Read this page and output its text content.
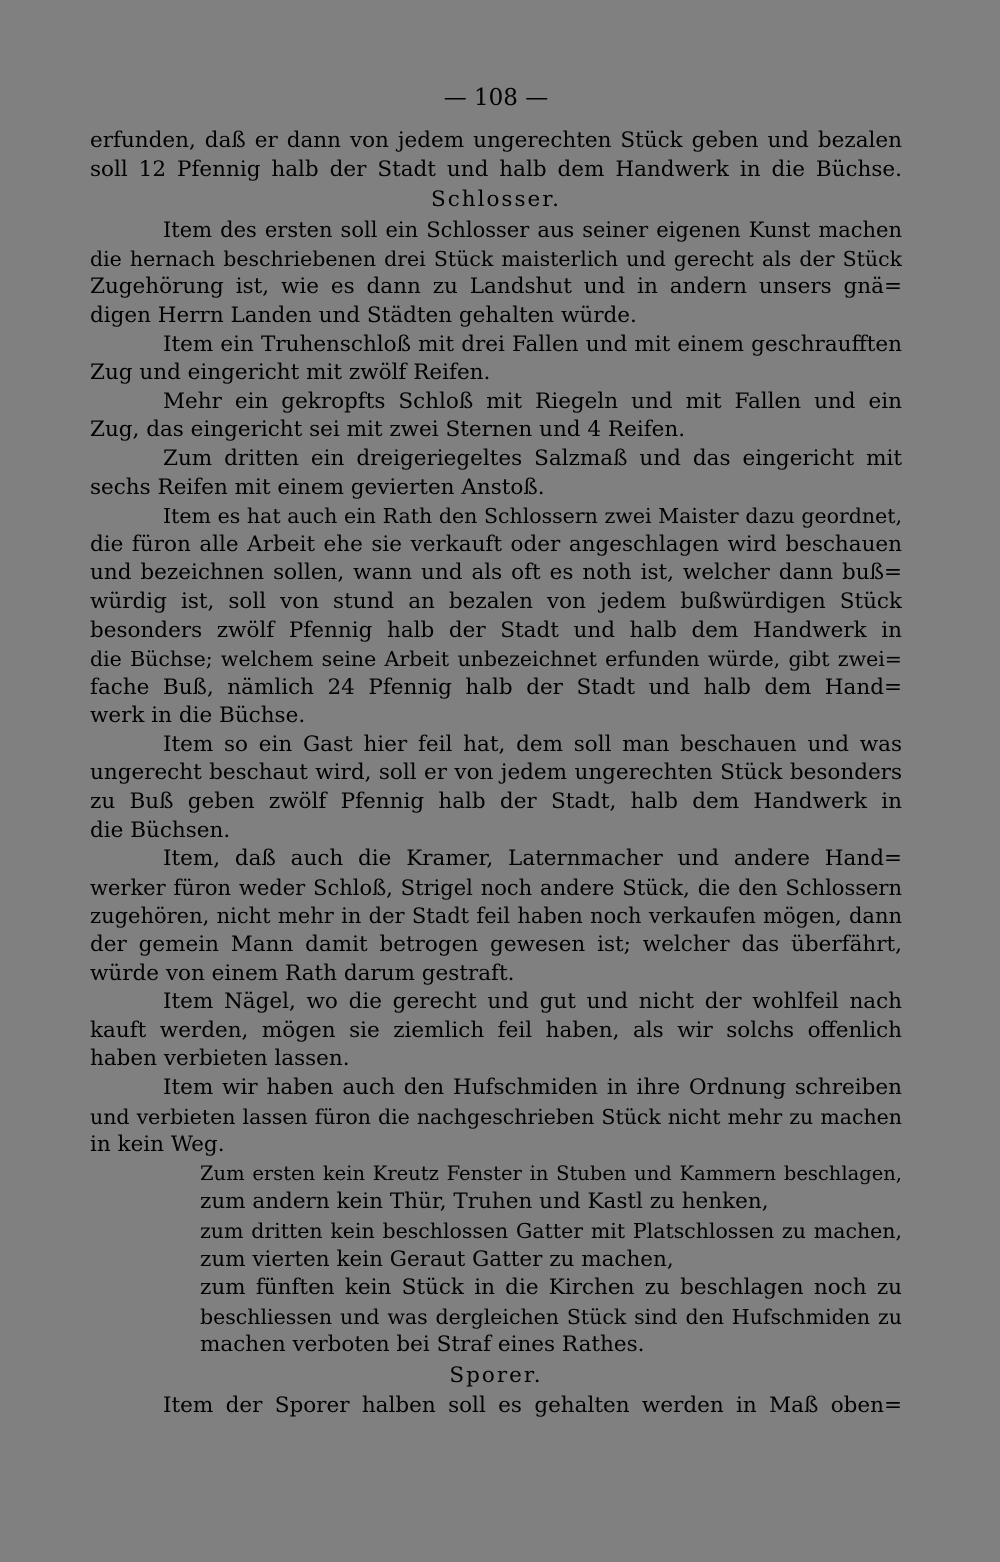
— 108 —
erfunden, daß er dann von jedem ungerechten Stück geben und bezalen
soll 12 Pfennig halb der Stadt und halb dem Handwerk in die Büchse.
Schlosser.
Item des ersten soll ein Schlosser aus seiner eigenen Kunst machen
die hernach beschriebenen drei Stück maisterlich und gerecht als der Stück
Zugehörung ist, wie es dann zu Landshut und in andern unsers gnä=
digen Herrn Landen und Städten gehalten würde.
Item ein Truhenschloß mit drei Fallen und mit einem geschraufften
Zug und eingericht mit zwölf Reifen.
Mehr ein gekropfts Schloß mit Riegeln und mit Fallen und ein
Zug, das eingericht sei mit zwei Sternen und 4 Reifen.
Zum dritten ein dreigeriegeltes Salzmaß und das eingericht mit
sechs Reifen mit einem gevierten Anstoß.
Item es hat auch ein Rath den Schlossern zwei Maister dazu geordnet,
die füron alle Arbeit ehe sie verkauft oder angeschlagen wird beschauen
und bezeichnen sollen, wann und als oft es noth ist, welcher dann buß=
würdig ist, soll von stund an bezalen von jedem bußwürdigen Stück
besonders zwölf Pfennig halb der Stadt und halb dem Handwerk in
die Büchse; welchem seine Arbeit unbezeichnet erfunden würde, gibt zwei=
fache Buß, nämlich 24 Pfennig halb der Stadt und halb dem Hand=
werk in die Büchse.
Item so ein Gast hier feil hat, dem soll man beschauen und was
ungerecht beschaut wird, soll er von jedem ungerechten Stück besonders
zu Buß geben zwölf Pfennig halb der Stadt, halb dem Handwerk in
die Büchsen.
Item, daß auch die Kramer, Laternmacher und andere Hand=
werker füron weder Schloß, Strigel noch andere Stück, die den Schlossern
zugehören, nicht mehr in der Stadt feil haben noch verkaufen mögen, dann
der gemein Mann damit betrogen gewesen ist; welcher das überfährt,
würde von einem Rath darum gestraft.
Item Nägel, wo die gerecht und gut und nicht der wohlfeil nach
kauft werden, mögen sie ziemlich feil haben, als wir solchs offenlich
haben verbieten lassen.
Item wir haben auch den Hufschmiden in ihre Ordnung schreiben
und verbieten lassen füron die nachgeschrieben Stück nicht mehr zu machen
in kein Weg.
Zum ersten kein Kreutz Fenster in Stuben und Kammern beschlagen,
zum andern kein Thür, Truhen und Kastl zu henken,
zum dritten kein beschlossen Gatter mit Platschlossen zu machen,
zum vierten kein Geraut Gatter zu machen,
zum fünften kein Stück in die Kirchen zu beschlagen noch zu
beschliessen und was dergleichen Stück sind den Hufschmiden zu
machen verboten bei Straf eines Rathes.
Sporer.
Item der Sporer halben soll es gehalten werden in Maß oben=
